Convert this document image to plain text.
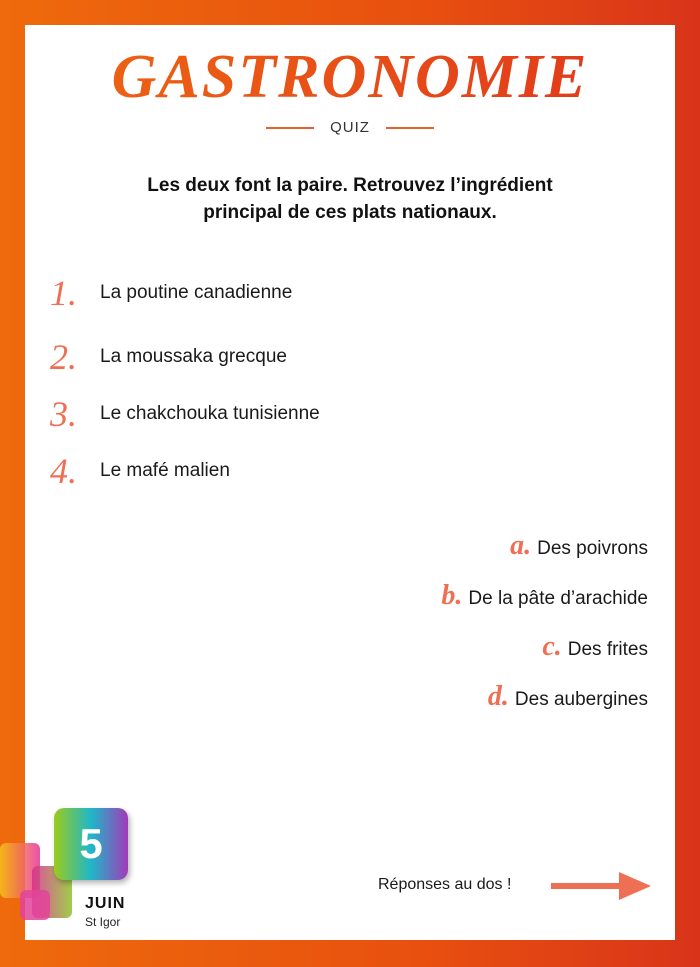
GASTRONOMIE
QUIZ
Les deux font la paire. Retrouvez l’ingrédient
principal de ces plats nationaux.
1.	La poutine canadienne
2.	La moussaka grecque
3.	Le chakchouka tunisienne
4.	Le mafé malien
a. Des poivrons
b. De la pâte d’arachide
c. Des frites
d. Des aubergines
Réponses au dos !
5
JUIN
St Igor
